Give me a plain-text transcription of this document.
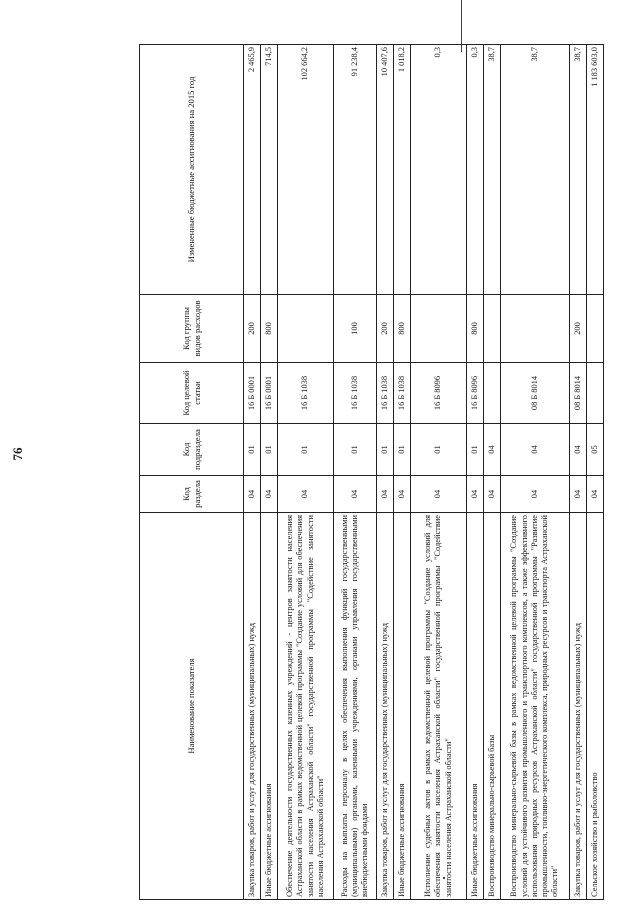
76
Наименование показателя	Код раздела	Код подраздела	Код целевой статьи	Код группы видов расходов	Измененные бюджетные ассигнования на 2015 год
Закупка товаров, работ и услуг для государственных (муниципальных) нужд	04	01	16 Б 0001	200	2 465,9
Иные бюджетные ассигнования	04	01	16 Б 0001	800	714,5
Обеспечение деятельности государственных казенных учреждений - центров занятости населения Астраханской области в рамках ведомственной целевой программы "Создание условий для обеспечения занятости населения Астраханской области" государственной программы "Содействие занятости населения Астраханской области"	04	01	16 Б 1038		102 664,2
Расходы на выплаты персоналу в целях обеспечения выполнения функций государственными (муниципальными) органами, казенными учреждениями, органами управления государственными внебюджетными фондами	04	01	16 Б 1038	100	91 238,4
Закупка товаров, работ и услуг для государственных (муниципальных) нужд	04	01	16 Б 1038	200	10 407,6
Иные бюджетные ассигнования	04	01	16 Б 1038	800	1 018,2
Исполнение судебных актов в рамках ведомственной целевой программы "Создание условий для обеспечения занятости населения Астраханской области" государственной программы "Содействие занятости населения Астраханской области"	04	01	16 Б 8096		0,3
Иные бюджетные ассигнования	04	01	16 Б 8096	800	0,3
Воспроизводство минерально-сырьевой базы	04	04			38,7
Воспроизводство минерально-сырьевой базы в рамках ведомственной целевой программы "Создание условий для устойчивого развития промышленного и транспортного комплексов, а также эффективного использования природных ресурсов Астраханской области" государственной программы "Развитие промышленности, топливно-энергетического комплекса, природных ресурсов и транспорта Астраханской области"	04	04	08 Б 8014		38,7
Закупка товаров, работ и услуг для государственных (муниципальных) нужд	04	04	08 Б 8014	200	38,7
Сельское хозяйство и рыболовство	04	05			1 183 603,0
